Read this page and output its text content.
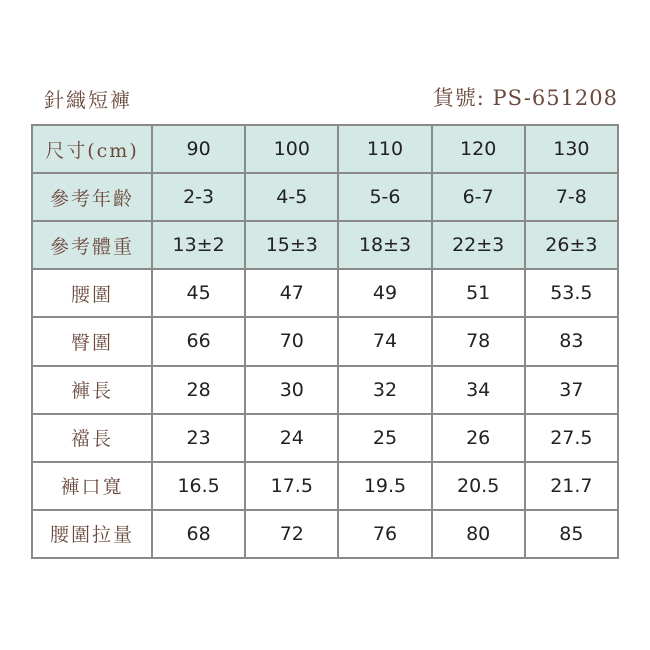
針織短褲	貨號: PS-651208
尺寸(cm)	90	100	110	120	130
參考年齡	2-3	4-5	5-6	6-7	7-8
參考體重	13±2	15±3	18±3	22±3	26±3
腰圍	45	47	49	51	53.5
臀圍	66	70	74	78	83
褲長	28	30	32	34	37
襠長	23	24	25	26	27.5
褲口寬	16.5	17.5	19.5	20.5	21.7
腰圍拉量	68	72	76	80	85
